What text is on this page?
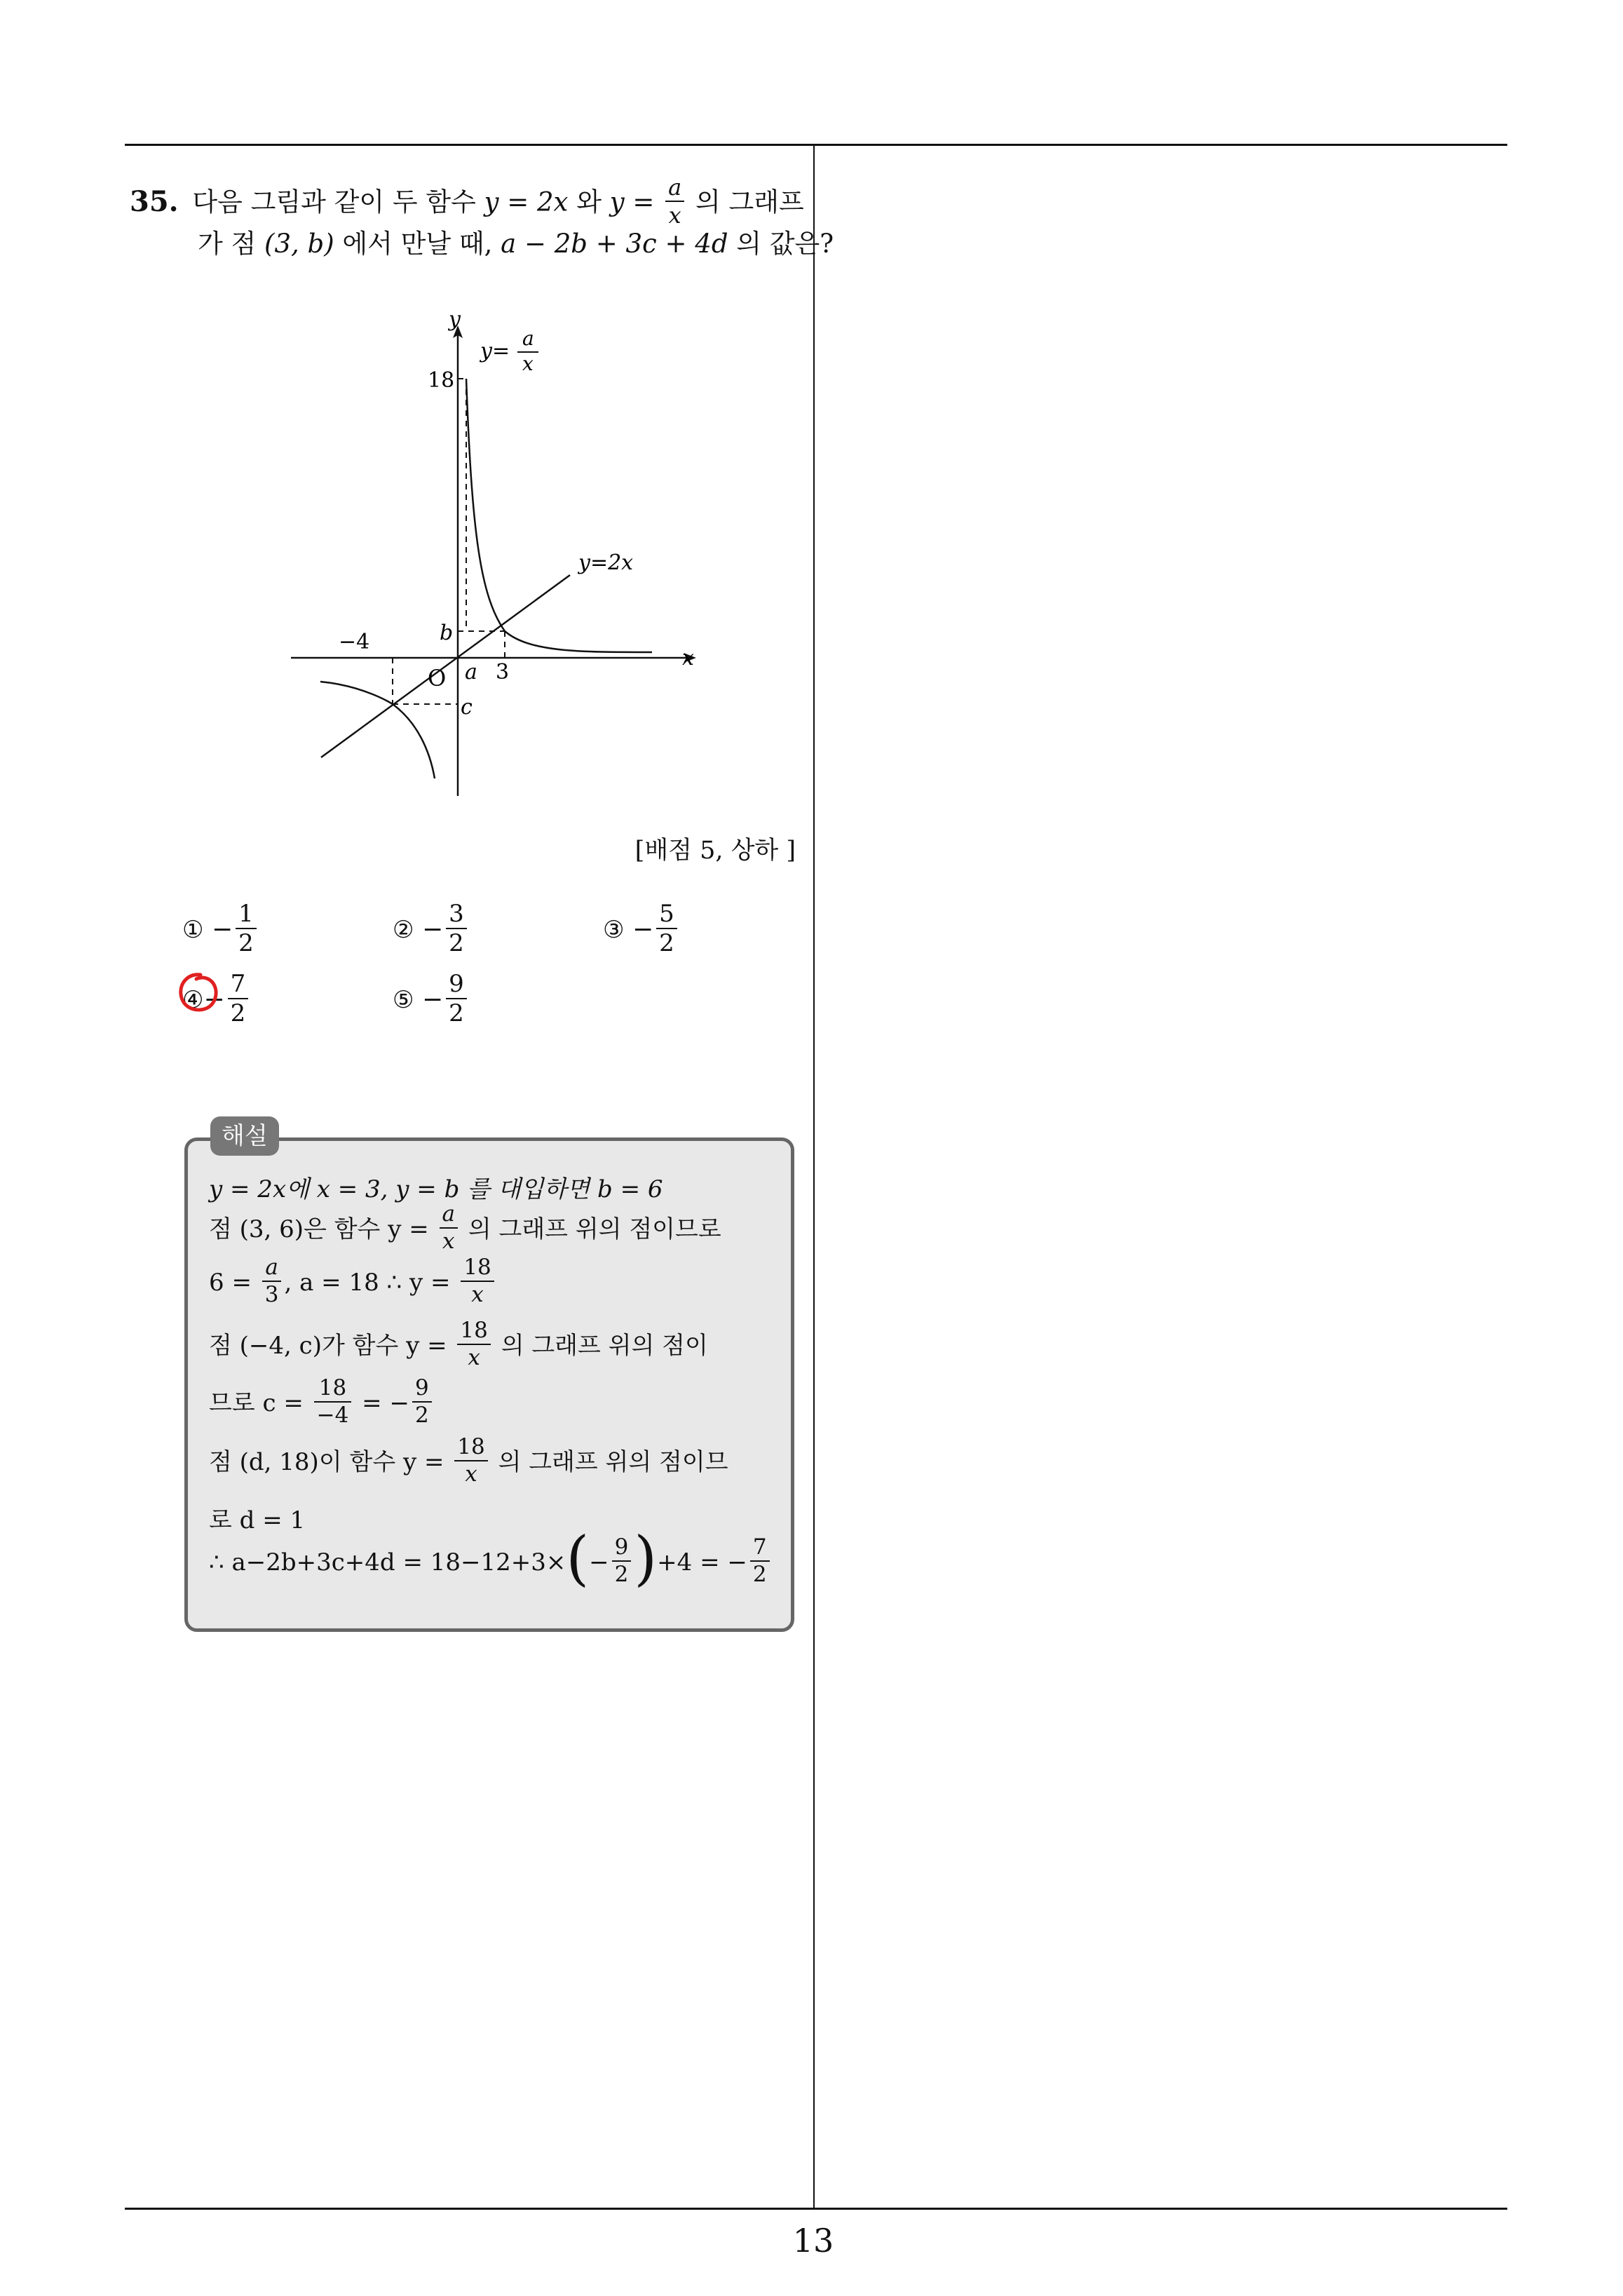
13
35. 다음 그림과 같이 두 함수 y = 2x 와 $y = \frac{a}{x}$ 의 그래프
가 점 (3, b) 에서 만날 때, a − 2b + 3c + 4d 의 값은?
y
x
O
y=
a
x
y=2x
18
b
−4
a 3
c
[배점 5, 상하 ]
① − $\frac{1}{2}$	② − $\frac{3}{2}$	③ − $\frac{5}{2}$
④− $\frac{7}{2}$	⑤ − $\frac{9}{2}$
해설
y = 2x에 x = 3, y = b 를 대입하면 b = 6
점 (3, 6)은 함수 $y = \frac{a}{x}$ 의 그래프 위의 점이므로
$6 = \frac{a}{3}$ , a = 18 ∴ $y = \frac{18}{x}$
점 (−4, c)가 함수 $y = \frac{18}{x}$ 의 그래프 위의 점이
므로 $c = \frac{18}{-4}$ = − $\frac{9}{2}$
점 (d, 18)이 함수 $y = \frac{18}{x}$ 의 그래프 위의 점이므
로 d = 1
∴ $a-2b+3c+4d = 18-12+3\times(- \frac{9}{2} )+4$ = − $\frac{7}{2}$
